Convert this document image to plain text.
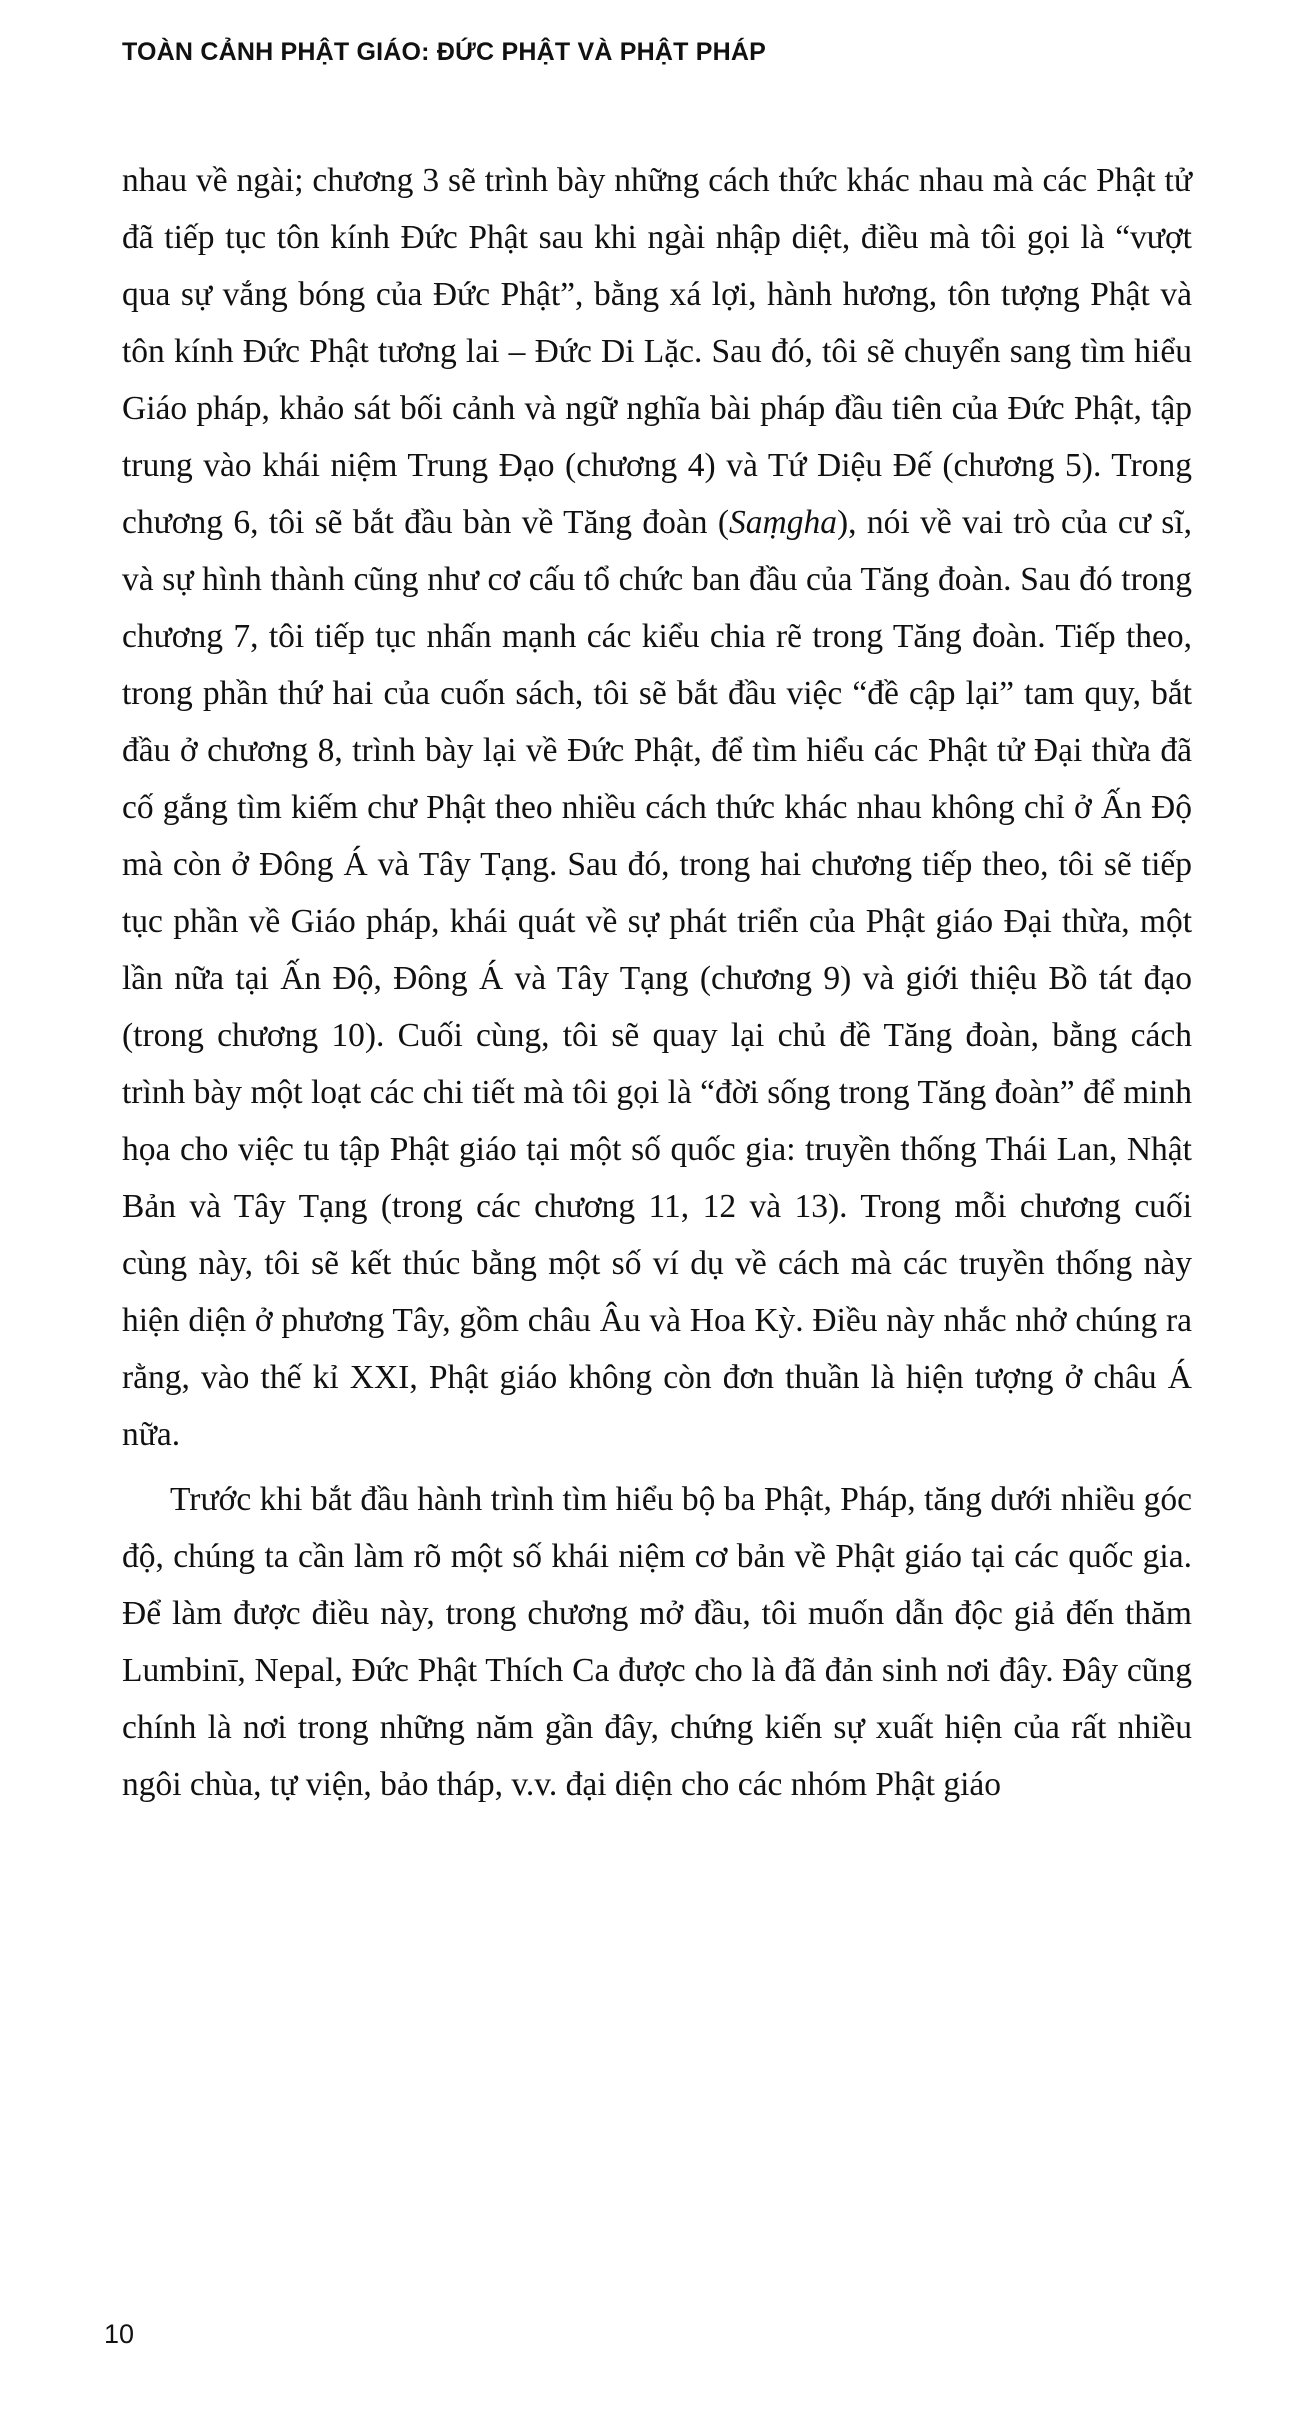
TOÀN CẢNH PHẬT GIÁO: ĐỨC PHẬT VÀ PHẬT PHÁP

nhau về ngài; chương 3 sẽ trình bày những cách thức khác nhau mà các Phật tử đã tiếp tục tôn kính Đức Phật sau khi ngài nhập diệt, điều mà tôi gọi là “vượt qua sự vắng bóng của Đức Phật”, bằng xá lợi, hành hương, tôn tượng Phật và tôn kính Đức Phật tương lai – Đức Di Lặc. Sau đó, tôi sẽ chuyển sang tìm hiểu Giáo pháp, khảo sát bối cảnh và ngữ nghĩa bài pháp đầu tiên của Đức Phật, tập trung vào khái niệm Trung Đạo (chương 4) và Tứ Diệu Đế (chương 5). Trong chương 6, tôi sẽ bắt đầu bàn về Tăng đoàn (Saṃgha), nói về vai trò của cư sĩ, và sự hình thành cũng như cơ cấu tổ chức ban đầu của Tăng đoàn. Sau đó trong chương 7, tôi tiếp tục nhấn mạnh các kiểu chia rẽ trong Tăng đoàn. Tiếp theo, trong phần thứ hai của cuốn sách, tôi sẽ bắt đầu việc “đề cập lại” tam quy, bắt đầu ở chương 8, trình bày lại về Đức Phật, để tìm hiểu các Phật tử Đại thừa đã cố gắng tìm kiếm chư Phật theo nhiều cách thức khác nhau không chỉ ở Ấn Độ mà còn ở Đông Á và Tây Tạng. Sau đó, trong hai chương tiếp theo, tôi sẽ tiếp tục phần về Giáo pháp, khái quát về sự phát triển của Phật giáo Đại thừa, một lần nữa tại Ấn Độ, Đông Á và Tây Tạng (chương 9) và giới thiệu Bồ tát đạo (trong chương 10). Cuối cùng, tôi sẽ quay lại chủ đề Tăng đoàn, bằng cách trình bày một loạt các chi tiết mà tôi gọi là “đời sống trong Tăng đoàn” để minh họa cho việc tu tập Phật giáo tại một số quốc gia: truyền thống Thái Lan, Nhật Bản và Tây Tạng (trong các chương 11, 12 và 13). Trong mỗi chương cuối cùng này, tôi sẽ kết thúc bằng một số ví dụ về cách mà các truyền thống này hiện diện ở phương Tây, gồm châu Âu và Hoa Kỳ. Điều này nhắc nhở chúng ra rằng, vào thế kỉ XXI, Phật giáo không còn đơn thuần là hiện tượng ở châu Á nữa.

Trước khi bắt đầu hành trình tìm hiểu bộ ba Phật, Pháp, tăng dưới nhiều góc độ, chúng ta cần làm rõ một số khái niệm cơ bản về Phật giáo tại các quốc gia. Để làm được điều này, trong chương mở đầu, tôi muốn dẫn độc giả đến thăm Lumbinī, Nepal, Đức Phật Thích Ca được cho là đã đản sinh nơi đây. Đây cũng chính là nơi trong những năm gần đây, chứng kiến sự xuất hiện của rất nhiều ngôi chùa, tự viện, bảo tháp, v.v. đại diện cho các nhóm Phật giáo

10
